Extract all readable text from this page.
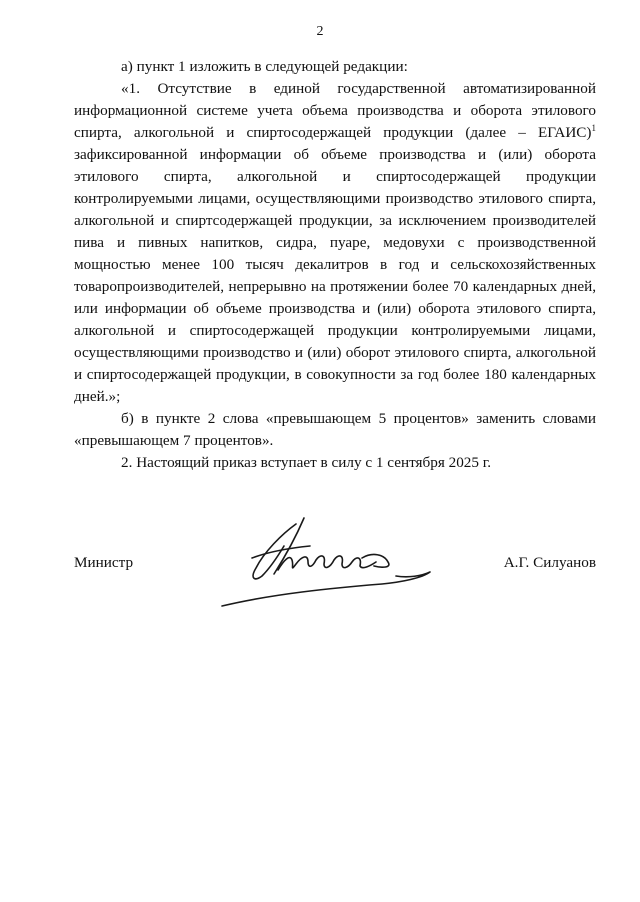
2

а) пункт 1 изложить в следующей редакции:

«1. Отсутствие в единой государственной автоматизированной информационной системе учета объема производства и оборота этилового спирта, алкогольной и спиртосодержащей продукции (далее – ЕГАИС)$^1$ зафиксированной информации об объеме производства и (или) оборота этилового спирта, алкогольной и спиртосодержащей продукции контролируемыми лицами, осуществляющими производство этилового спирта, алкогольной и спиртсодержащей продукции, за исключением производителей пива и пивных напитков, сидра, пуаре, медовухи с производственной мощностью менее 100 тысяч декалитров в год и сельскохозяйственных товаропроизводителей, непрерывно на протяжении более 70 календарных дней, или информации об объеме производства и (или) оборота этилового спирта, алкогольной и спиртосодержащей продукции контролируемыми лицами, осуществляющими производство и (или) оборот этилового спирта, алкогольной и спиртосодержащей продукции, в совокупности за год более 180 календарных дней.»;

б) в пункте 2 слова «превышающем 5 процентов» заменить словами «превышающем 7 процентов».

2. Настоящий приказ вступает в силу с 1 сентября 2025 г.

Министр	А.Г. Силуанов
